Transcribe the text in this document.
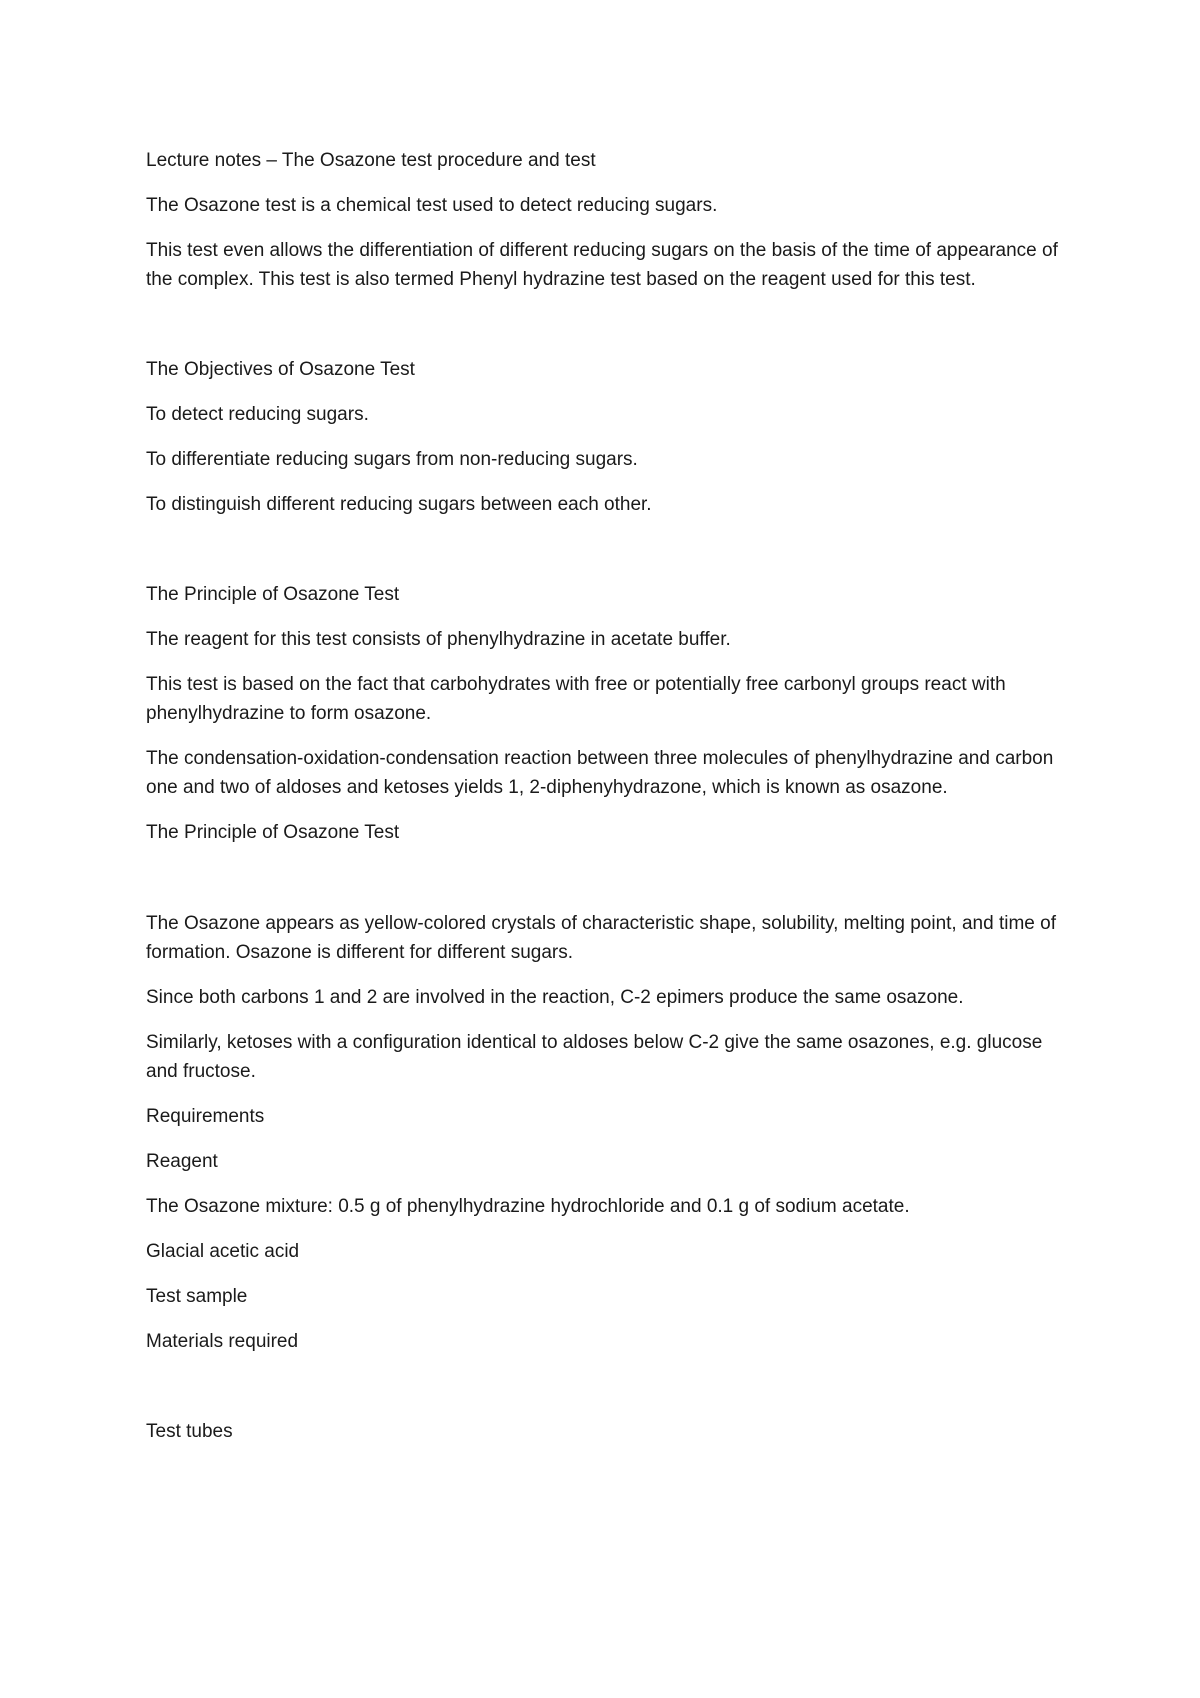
Lecture notes – The Osazone test procedure and test

The Osazone test is a chemical test used to detect reducing sugars.

This test even allows the differentiation of different reducing sugars on the basis of the time of appearance of the complex. This test is also termed Phenyl hydrazine test based on the reagent used for this test.

The Objectives of Osazone Test

To detect reducing sugars.

To differentiate reducing sugars from non-reducing sugars.

To distinguish different reducing sugars between each other.

The Principle of Osazone Test

The reagent for this test consists of phenylhydrazine in acetate buffer.

This test is based on the fact that carbohydrates with free or potentially free carbonyl groups react with phenylhydrazine to form osazone.

The condensation-oxidation-condensation reaction between three molecules of phenylhydrazine and carbon one and two of aldoses and ketoses yields 1, 2-diphenyhydrazone, which is known as osazone.

The Principle of Osazone Test

The Osazone appears as yellow-colored crystals of characteristic shape, solubility, melting point, and time of formation. Osazone is different for different sugars.

Since both carbons 1 and 2 are involved in the reaction, C-2 epimers produce the same osazone.

Similarly, ketoses with a configuration identical to aldoses below C-2 give the same osazones, e.g. glucose and fructose.

Requirements

Reagent

The Osazone mixture: 0.5 g of phenylhydrazine hydrochloride and 0.1 g of sodium acetate.

Glacial acetic acid

Test sample

Materials required

Test tubes
